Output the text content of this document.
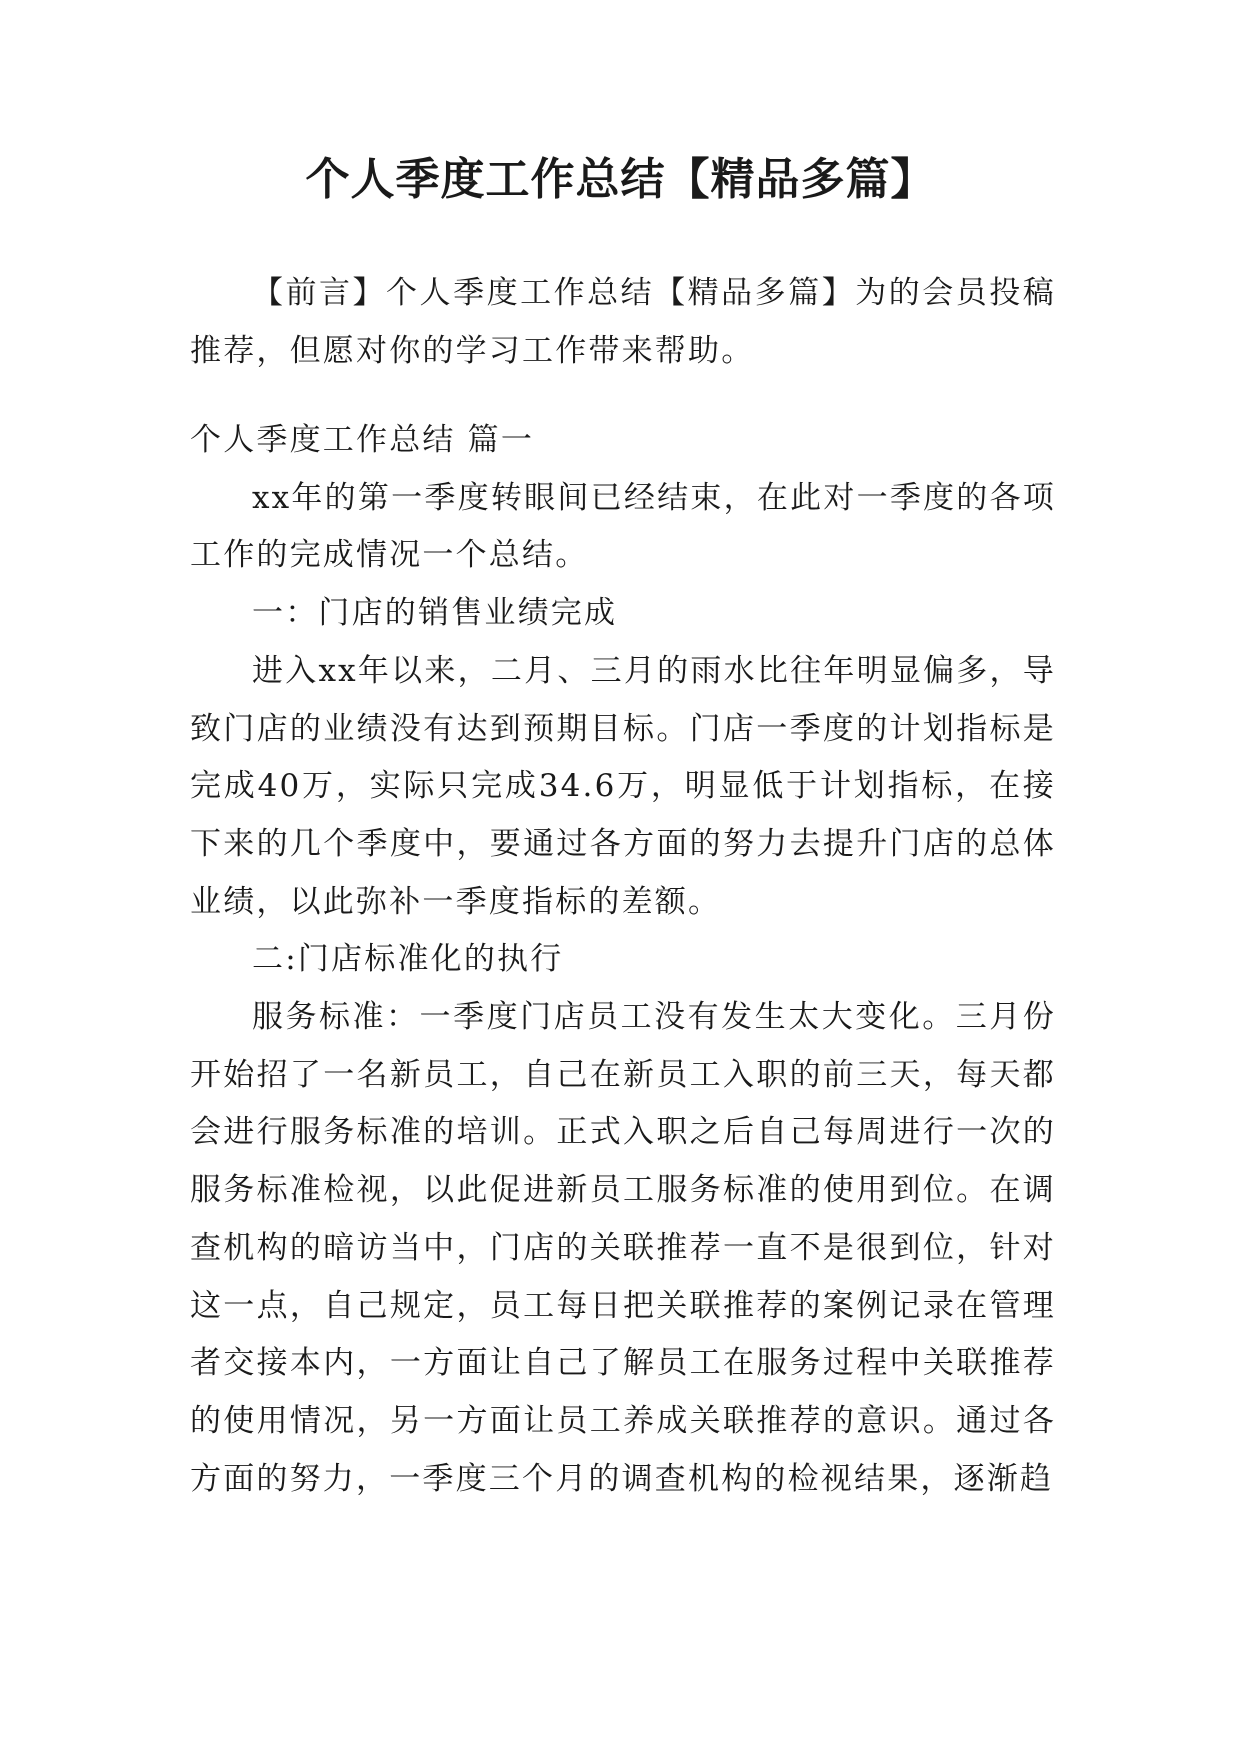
个人季度工作总结【精品多篇】

【前言】个人季度工作总结【精品多篇】为的会员投稿推荐，但愿对你的学习工作带来帮助。

个人季度工作总结 篇一

xx年的第一季度转眼间已经结束，在此对一季度的各项工作的完成情况一个总结。

一：门店的销售业绩完成

进入xx年以来，二月、三月的雨水比往年明显偏多，导致门店的业绩没有达到预期目标。门店一季度的计划指标是完成40万，实际只完成34.6万，明显低于计划指标，在接下来的几个季度中，要通过各方面的努力去提升门店的总体业绩，以此弥补一季度指标的差额。

二:门店标准化的执行

服务标准：一季度门店员工没有发生太大变化。三月份开始招了一名新员工，自己在新员工入职的前三天，每天都会进行服务标准的培训。正式入职之后自己每周进行一次的服务标准检视，以此促进新员工服务标准的使用到位。在调查机构的暗访当中，门店的关联推荐一直不是很到位，针对这一点，自己规定，员工每日把关联推荐的案例记录在管理者交接本内，一方面让自己了解员工在服务过程中关联推荐的使用情况，另一方面让员工养成关联推荐的意识。通过各方面的努力，一季度三个月的调查机构的检视结果，逐渐趋
